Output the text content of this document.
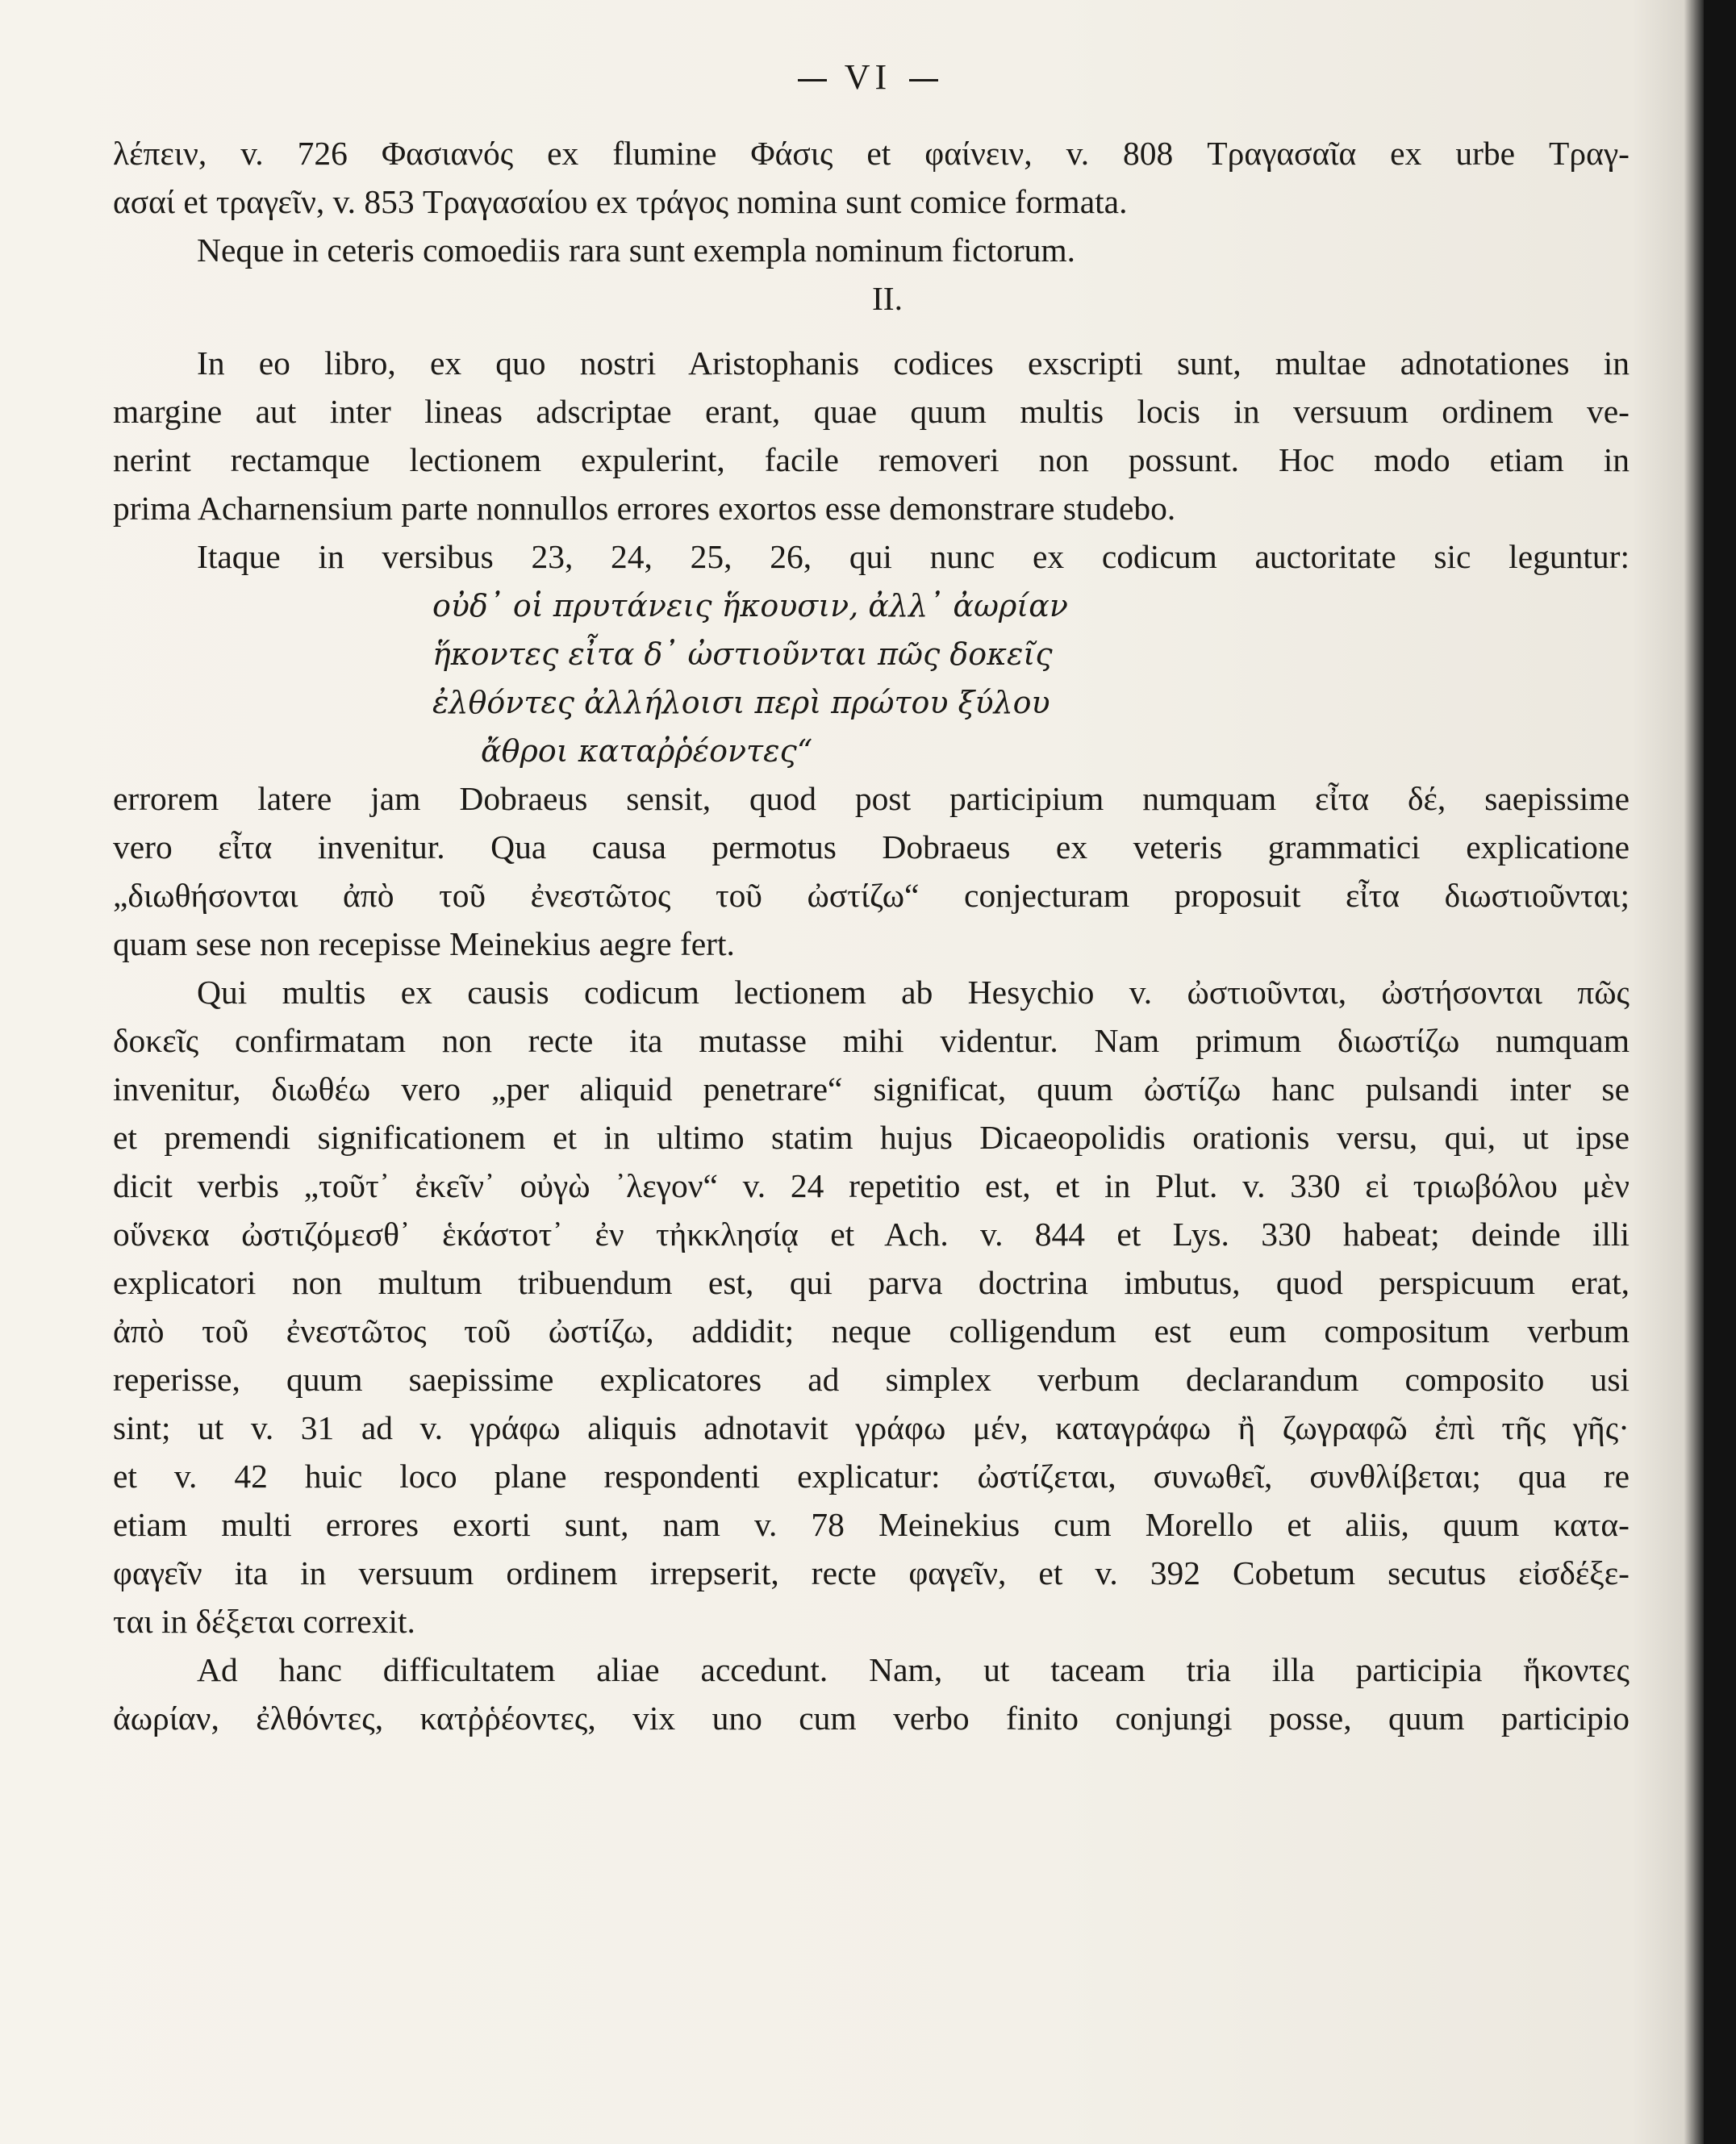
VI
λέπειν, v. 726 Φασιανός ex flumine Φάσις et φαίνειν, v. 808 Τραγασαῖα ex urbe Τραγ-
ασαί et τραγεῖν, v. 853 Τραγασαίου ex τράγος nomina sunt comice formata.
Neque in ceteris comoediis rara sunt exempla nominum fictorum.
II.
In eo libro, ex quo nostri Aristophanis codices exscripti sunt, multae adnotationes in
margine aut inter lineas adscriptae erant, quae quum multis locis in versuum ordinem ve-
nerint rectamque lectionem expulerint, facile removeri non possunt. Hoc modo etiam in
prima Acharnensium parte nonnullos errores exortos esse demonstrare studebo.
Itaque in versibus 23, 24, 25, 26, qui nunc ex codicum auctoritate sic leguntur:
οὐδ᾽ οἱ πρυτάνεις ἥκουσιν, ἀλλ᾽ ἀωρίαν
ἥκοντες εἶτα δ᾽ ὠστιοῦνται πῶς δοκεῖς
ἐλθόντες ἀλλήλοισι περὶ πρώτου ξύλου
ἄθροι καταῤῥέοντες“
errorem latere jam Dobraeus sensit, quod post participium numquam εἶτα δέ, saepissime
vero εἶτα invenitur. Qua causa permotus Dobraeus ex veteris grammatici explicatione
„διωθήσονται ἀπὸ τοῦ ἐνεστῶτος τοῦ ὠστίζω“ conjecturam proposuit εἶτα διωστιοῦνται;
quam sese non recepisse Meinekius aegre fert.
Qui multis ex causis codicum lectionem ab Hesychio v. ὠστιοῦνται, ὠστήσονται πῶς
δοκεῖς confirmatam non recte ita mutasse mihi videntur. Nam primum διωστίζω numquam
invenitur, διωθέω vero „per aliquid penetrare“ significat, quum ὠστίζω hanc pulsandi inter se
et premendi significationem et in ultimo statim hujus Dicaeopolidis orationis versu, qui, ut ipse
dicit verbis „τοῦτ᾽ ἐκεῖν᾽ οὐγὼ ᾽λεγον“ v. 24 repetitio est, et in Plut. v. 330 εἰ τριωβόλου μὲν
οὕνεκα ὠστιζόμεσθ᾽ ἑκάστοτ᾽ ἐν τἠκκλησίᾳ et Ach. v. 844 et Lys. 330 habeat; deinde illi
explicatori non multum tribuendum est, qui parva doctrina imbutus, quod perspicuum erat,
ἀπὸ τοῦ ἐνεστῶτος τοῦ ὠστίζω, addidit; neque colligendum est eum compositum verbum
reperisse, quum saepissime explicatores ad simplex verbum declarandum composito usi
sint; ut v. 31 ad v. γράφω aliquis adnotavit γράφω μέν, καταγράφω ἢ ζωγραφῶ ἐπὶ τῆς γῆς·
et v. 42 huic loco plane respondenti explicatur: ὠστίζεται, συνωθεῖ, συνθλίβεται; qua re
etiam multi errores exorti sunt, nam v. 78 Meinekius cum Morello et aliis, quum κατα-
φαγεῖν ita in versuum ordinem irrepserit, recte φαγεῖν, et v. 392 Cobetum secutus εἰσδέξε-
ται in δέξεται correxit.
Ad hanc difficultatem aliae accedunt. Nam, ut taceam tria illa participia ἥκοντες
ἀωρίαν, ἐλθόντες, κατῤῥέοντες, vix uno cum verbo finito conjungi posse, quum participio
